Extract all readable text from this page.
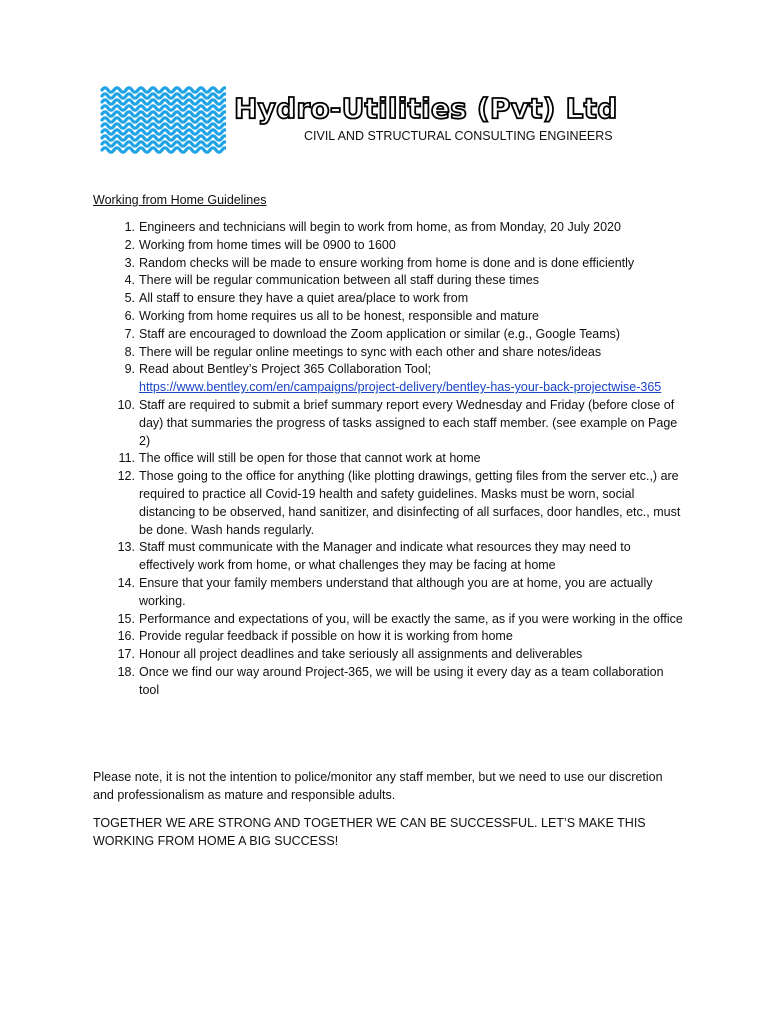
Hydro-Utilities (Pvt) Ltd
CIVIL AND STRUCTURAL CONSULTING ENGINEERS
Working from Home Guidelines
1. Engineers and technicians will begin to work from home, as from Monday, 20 July 2020
2. Working from home times will be 0900 to 1600
3. Random checks will be made to ensure working from home is done and is done efficiently
4. There will be regular communication between all staff during these times
5. All staff to ensure they have a quiet area/place to work from
6. Working from home requires us all to be honest, responsible and mature
7. Staff are encouraged to download the Zoom application or similar (e.g., Google Teams)
8. There will be regular online meetings to sync with each other and share notes/ideas
9. Read about Bentley’s Project 365 Collaboration Tool;
https://www.bentley.com/en/campaigns/project-delivery/bentley-has-your-back-projectwise-365
10. Staff are required to submit a brief summary report every Wednesday and Friday (before close of day) that summaries the progress of tasks assigned to each staff member. (see example on Page 2)
11. The office will still be open for those that cannot work at home
12. Those going to the office for anything (like plotting drawings, getting files from the server etc.,) are required to practice all Covid-19 health and safety guidelines. Masks must be worn, social distancing to be observed, hand sanitizer, and disinfecting of all surfaces, door handles, etc., must be done. Wash hands regularly.
13. Staff must communicate with the Manager and indicate what resources they may need to effectively work from home, or what challenges they may be facing at home
14. Ensure that your family members understand that although you are at home, you are actually working.
15. Performance and expectations of you, will be exactly the same, as if you were working in the office
16. Provide regular feedback if possible on how it is working from home
17. Honour all project deadlines and take seriously all assignments and deliverables
18. Once we find our way around Project-365, we will be using it every day as a team collaboration tool

Please note, it is not the intention to police/monitor any staff member, but we need to use our discretion and professionalism as mature and responsible adults.

TOGETHER WE ARE STRONG AND TOGETHER WE CAN BE SUCCESSFUL. LET’S MAKE THIS WORKING FROM HOME A BIG SUCCESS!
